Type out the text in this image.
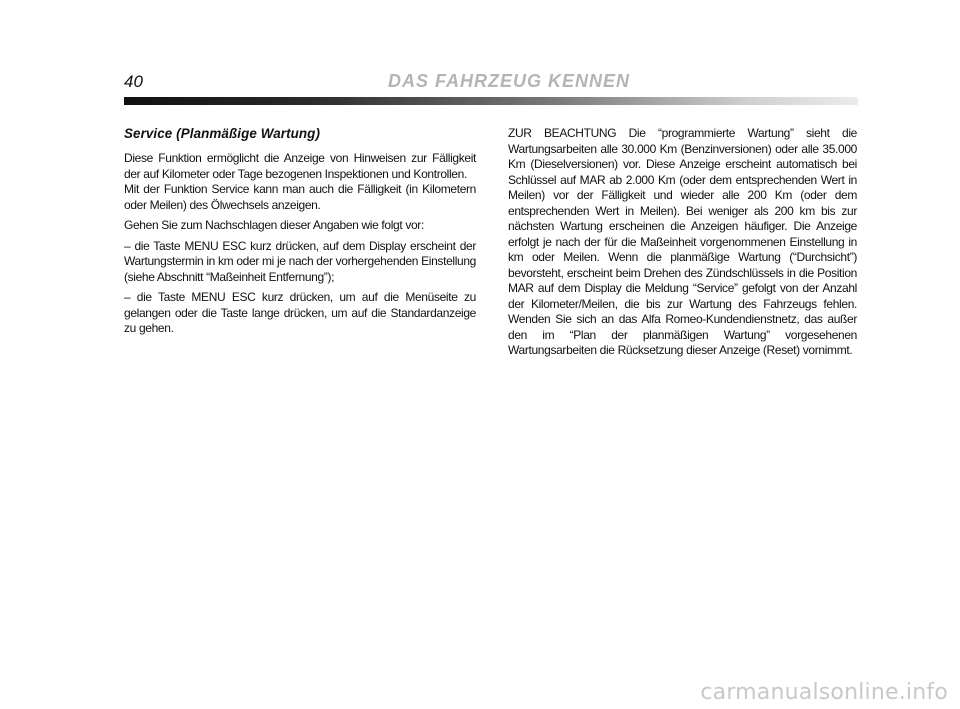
40	DAS FAHRZEUG KENNEN
Service (Planmäßige Wartung)

Diese Funktion ermöglicht die Anzeige von Hinweisen zur Fälligkeit der auf Kilometer oder Tage bezogenen Inspektionen und Kontrollen.

Mit der Funktion Service kann man auch die Fälligkeit (in Kilometern oder Meilen) des Ölwechsels anzeigen.

Gehen Sie zum Nachschlagen dieser Angaben wie folgt vor:

– die Taste MENU ESC kurz drücken, auf dem Display erscheint der Wartungstermin in km oder mi je nach der vorhergehenden Einstellung (siehe Abschnitt “Maßeinheit Entfernung”);

– die Taste MENU ESC kurz drücken, um auf die Menüseite zu gelangen oder die Taste lange drücken, um auf die Standardanzeige zu gehen.

ZUR BEACHTUNG Die “programmierte Wartung” sieht die Wartungsarbeiten alle 30.000 Km (Benzinversionen) oder alle 35.000 Km (Dieselversionen) vor. Diese Anzeige erscheint automatisch bei Schlüssel auf MAR ab 2.000 Km (oder dem entsprechenden Wert in Meilen) vor der Fälligkeit und wieder alle 200 Km (oder dem entsprechenden Wert in Meilen). Bei weniger als 200 km bis zur nächsten Wartung erscheinen die Anzeigen häufiger. Die Anzeige erfolgt je nach der für die Maßeinheit vorgenommenen Einstellung in km oder Meilen. Wenn die planmäßige Wartung (“Durchsicht”) bevorsteht, erscheint beim Drehen des Zündschlüssels in die Position MAR auf dem Display die Meldung “Service” gefolgt von der Anzahl der Kilometer/Meilen, die bis zur Wartung des Fahrzeugs fehlen. Wenden Sie sich an das Alfa Romeo-Kundendienstnetz, das außer den im “Plan der planmäßigen Wartung” vorgesehenen Wartungsarbeiten die Rücksetzung dieser Anzeige (Reset) vornimmt.

carmanualsonline.info
